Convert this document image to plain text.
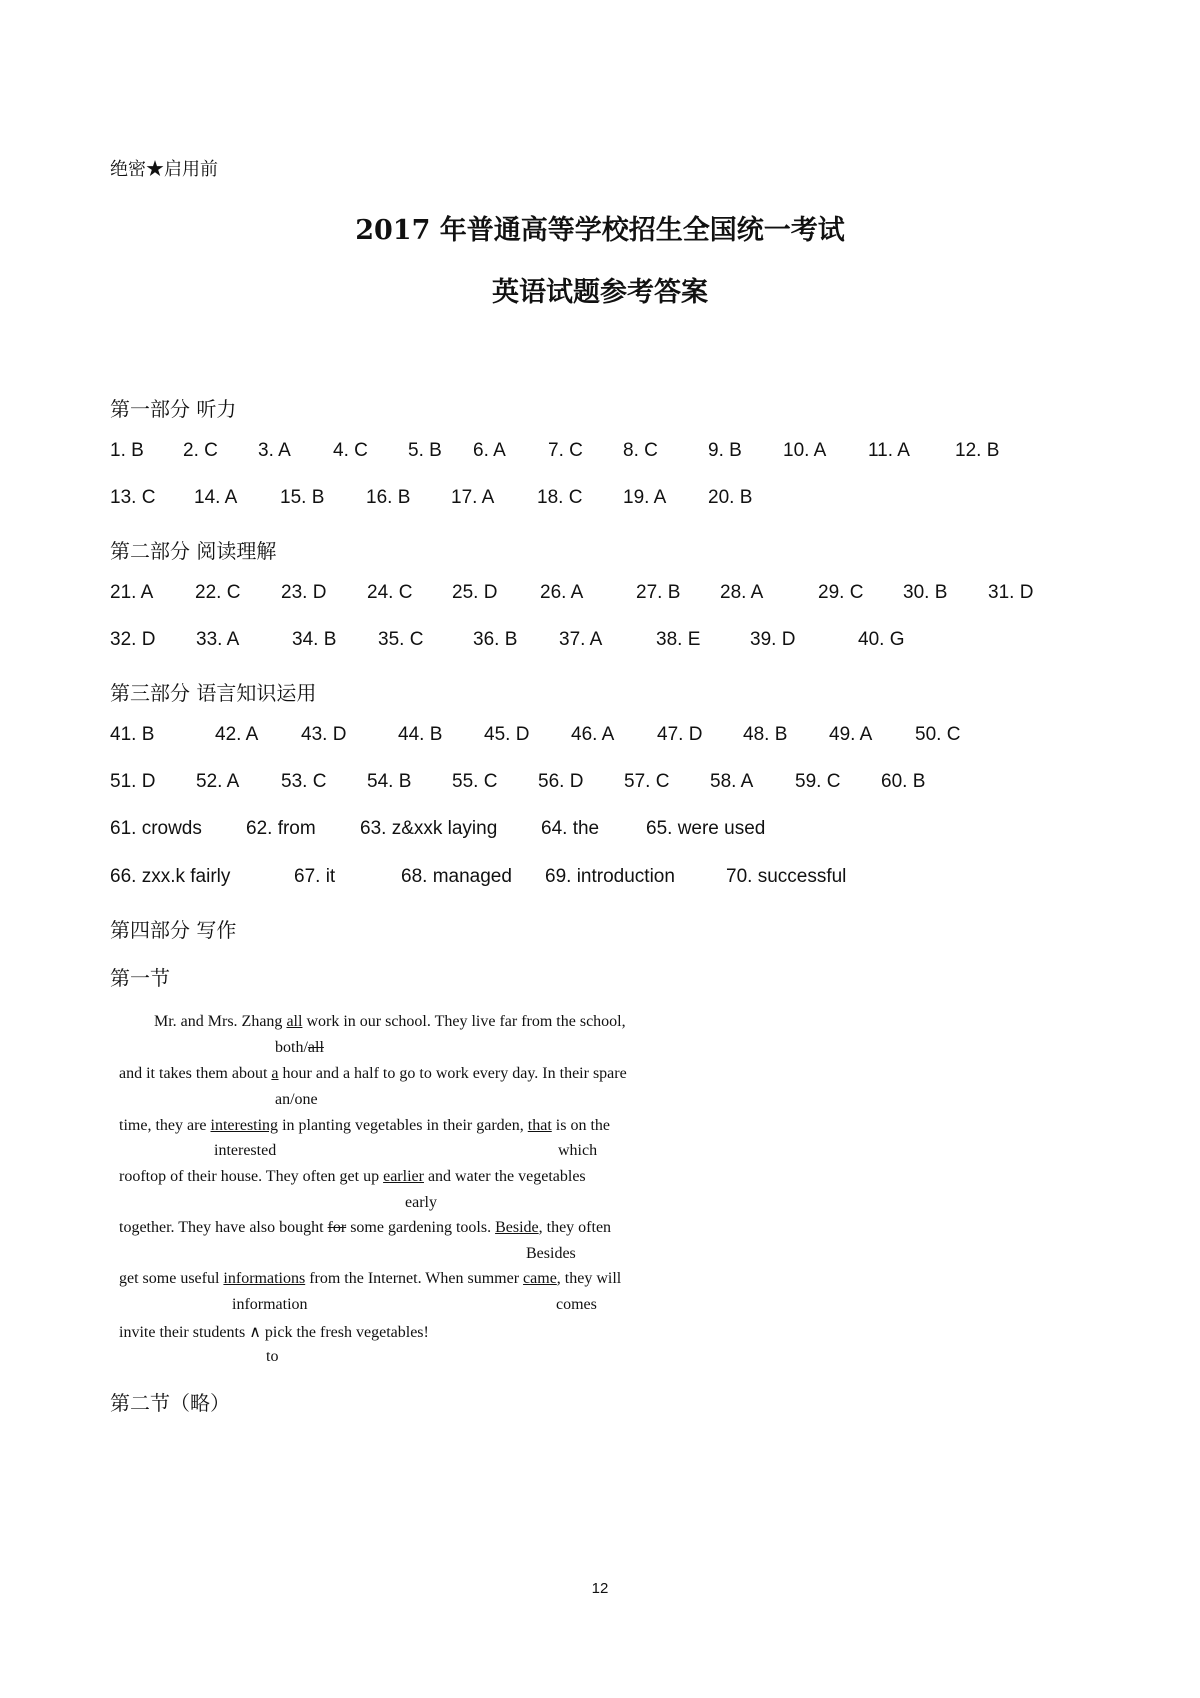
绝密★启用前
2017 年普通高等学校招生全国统一考试
英语试题参考答案
第一部分 听力
1. B 2. C 3. A 4. C 5. B 6. A 7. C 8. C	9. B 10. A 11. A 12. B
13. C 14. A 15. B 16. B 17. A 18. C 19. A 20. B
第二部分 阅读理解
21. A 22. C 23. D 24. C 25. D 26. A	27. B 28. A	29. C 30. B 31. D
32. D 33. A	34. B 35. C	36. B 37. A	38. E	39. D	40. G
第三部分 语言知识运用
41. B	42. A 43. D	44. B 45. D 46. A 47. D 48. B 49. A 50. C
51. D 52. A 53. C 54. B 55. C 56. D 57. C 58. A 59. C 60. B
61. crowds 62. from 63. z&xxk laying 64. the 65. were used
66. zxx.k fairly	67. it	68. managed 69. introduction	70. successful
第四部分 写作
第一节
Mr. and Mrs. Zhang all work in our school. They live far from the school,
both/all
and it takes them about a hour and a half to go to work every day. In their spare
an/one
time, they are interesting in planting vegetables in their garden, that is on the
interested	which
rooftop of their house. They often get up earlier and water the vegetables
early
together. They have also bought for some gardening tools. Beside, they often
Besides
get some useful informations from the Internet. When summer came, they will
information	comes
invite their students ∧ pick the fresh vegetables!
to
第二节（略）
12
